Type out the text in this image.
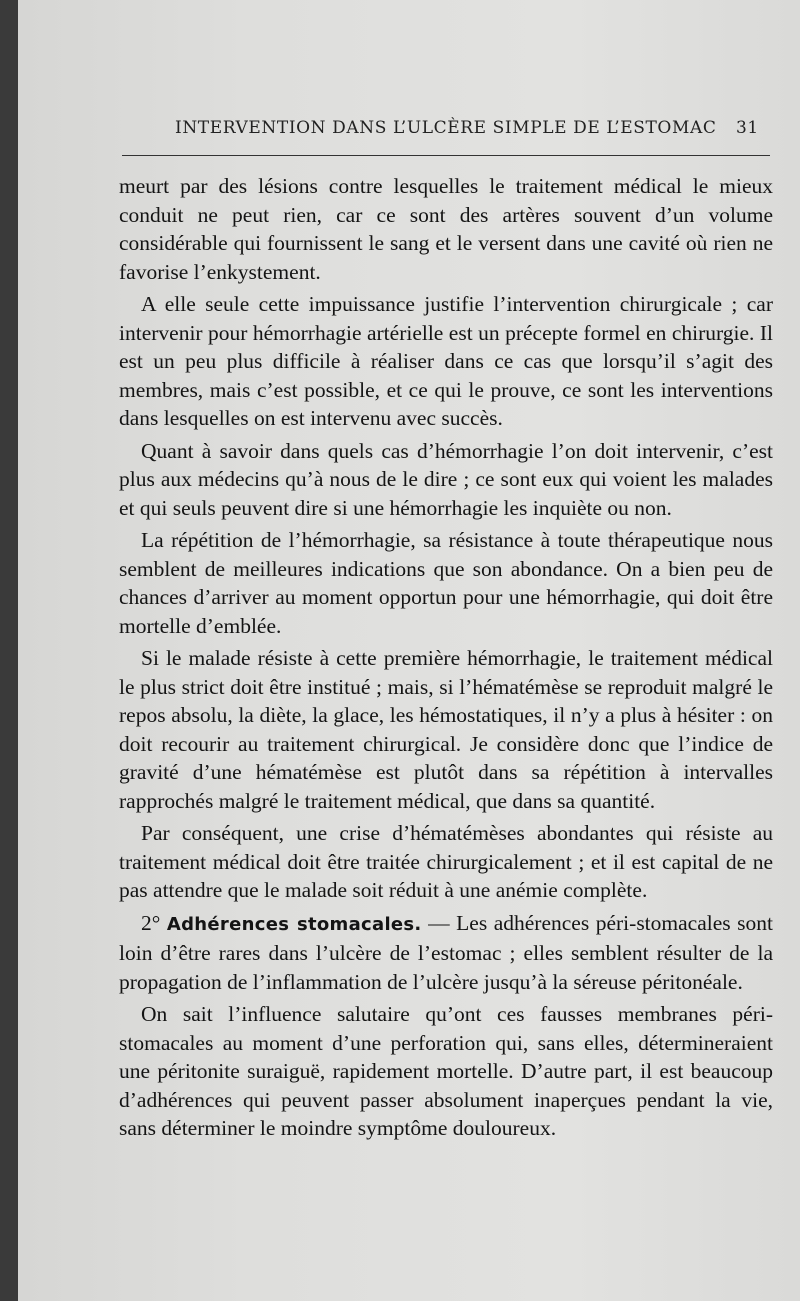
INTERVENTION DANS L’ULCÈRE SIMPLE DE L’ESTOMAC 31

meurt par des lésions contre lesquelles le traitement médical le mieux conduit ne peut rien, car ce sont des artères souvent d’un volume considérable qui fournissent le sang et le versent dans une cavité où rien ne favorise l’enkystement.

A elle seule cette impuissance justifie l’intervention chirurgicale ; car intervenir pour hémorrhagie artérielle est un précepte formel en chirurgie. Il est un peu plus difficile à réaliser dans ce cas que lorsqu’il s’agit des membres, mais c’est possible, et ce qui le prouve, ce sont les interventions dans lesquelles on est intervenu avec succès.

Quant à savoir dans quels cas d’hémorrhagie l’on doit intervenir, c’est plus aux médecins qu’à nous de le dire ; ce sont eux qui voient les malades et qui seuls peuvent dire si une hémorrhagie les inquiète ou non.

La répétition de l’hémorrhagie, sa résistance à toute thérapeutique nous semblent de meilleures indications que son abondance. On a bien peu de chances d’arriver au moment opportun pour une hémorrhagie, qui doit être mortelle d’emblée.

Si le malade résiste à cette première hémorrhagie, le traitement médical le plus strict doit être institué ; mais, si l’hématémèse se reproduit malgré le repos absolu, la diète, la glace, les hémostatiques, il n’y a plus à hésiter : on doit recourir au traitement chirurgical. Je considère donc que l’indice de gravité d’une hématémèse est plutôt dans sa répétition à intervalles rapprochés malgré le traitement médical, que dans sa quantité.

Par conséquent, une crise d’hématémèses abondantes qui résiste au traitement médical doit être traitée chirurgicalement ; et il est capital de ne pas attendre que le malade soit réduit à une anémie complète.

2° Adhérences stomacales. — Les adhérences péri-stomacales sont loin d’être rares dans l’ulcère de l’estomac ; elles semblent résulter de la propagation de l’inflammation de l’ulcère jusqu’à la séreuse péritonéale.

On sait l’influence salutaire qu’ont ces fausses membranes péri-stomacales au moment d’une perforation qui, sans elles, détermineraient une péritonite suraiguë, rapidement mortelle. D’autre part, il est beaucoup d’adhérences qui peuvent passer absolument inaperçues pendant la vie, sans déterminer le moindre symptôme douloureux.
